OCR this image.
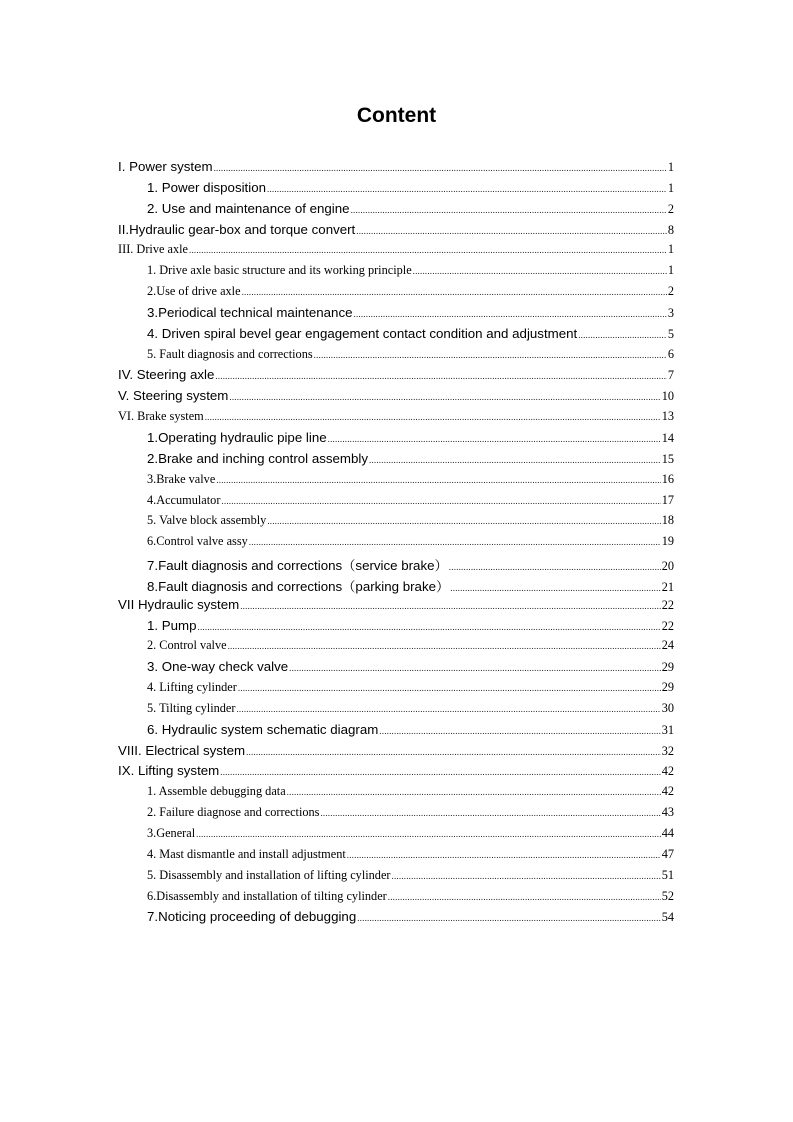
Content
I. Power system .....	1
1. Power disposition .....	1
2. Use and maintenance of engine .....	2
II.Hydraulic gear-box and torque convert .....	8
III. Drive axle .....	1
1. Drive axle basic structure and its working principle .....	1
2.Use of drive axle .....	2
3.Periodical technical maintenance .....	3
4. Driven spiral bevel gear engagement contact condition and adjustment .....	5
5. Fault diagnosis and corrections .....	6
IV. Steering axle .....	7
V. Steering system .....	10
VI. Brake system .....	13
1.Operating hydraulic pipe line .....	14
2.Brake and inching control assembly .....	15
3.Brake valve .....	16
4.Accumulator .....	17
5. Valve block assembly .....	18
6.Control valve assy .....	19
7.Fault diagnosis and corrections（service brake） .....	20
8.Fault diagnosis and corrections（parking brake） .....	21
VII Hydraulic system .....	22
1. Pump .....	22
2. Control valve .....	24
3. One-way check valve .....	29
4. Lifting cylinder .....	29
5. Tilting cylinder .....	30
6. Hydraulic system schematic diagram .....	31
VIII. Electrical system .....	32
IX. Lifting system .....	42
1. Assemble debugging data .....	42
2. Failure diagnose and corrections .....	43
3.General .....	44
4. Mast dismantle and install adjustment .....	47
5. Disassembly and installation of lifting cylinder .....	51
6.Disassembly and installation of tilting cylinder .....	52
7.Noticing proceeding of debugging .....	54
